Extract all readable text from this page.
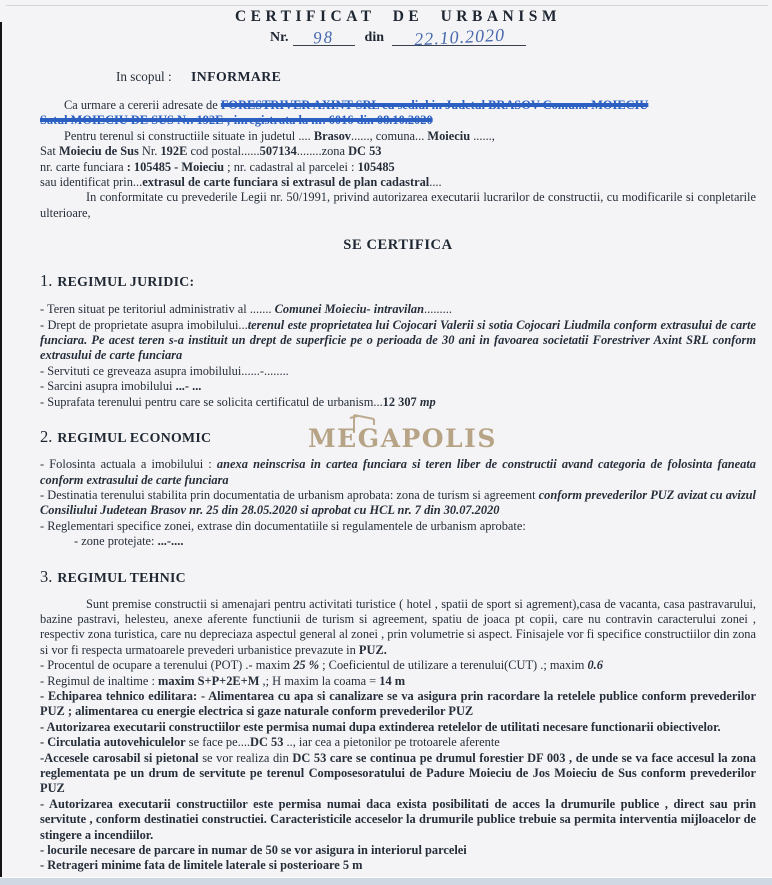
MEGAPOLIS
CERTIFICAT DE URBANISM
Nr. 98 din 22.10.2020
In scopul : INFORMARE
Ca urmare a cererii adresate de FORESTRIVER AXINT SRL cu sediul in Judetul BRASOV Comuna MOIECIU
Satul MOIECIU DE SUS Nr. 192E ; inregistrata la nr. 6016 din 08.10.2020
Pentru terenul si constructiile situate in judetul .... Brasov......, comuna... Moieciu ......,
Sat Moieciu de Sus Nr. 192E cod postal......507134........zona DC 53
nr. carte funciara : 105485 - Moieciu ; nr. cadastral al parcelei : 105485
sau identificat prin...extrasul de carte funciara si extrasul de plan cadastral....
In conformitate cu prevederile Legii nr. 50/1991, privind autorizarea executarii lucrarilor de constructii, cu modificarile si conpletarile ulterioare,
SE CERTIFICA
1. REGIMUL JURIDIC:
- Teren situat pe teritoriul administrativ al ....... Comunei Moieciu- intravilan.........
- Drept de proprietate asupra imobilului...terenul este proprietatea lui Cojocari Valerii si sotia Cojocari Liudmila conform extrasului de carte funciara. Pe acest teren s-a instituit un drept de superficie pe o perioada de 30 ani in favoarea societatii Forestriver Axint SRL conform extrasului de carte funciara
- Servituti ce greveaza asupra imobilului......-........
- Sarcini asupra imobilului ...- ...
- Suprafata terenului pentru care se solicita certificatul de urbanism...12 307 mp
2. REGIMUL ECONOMIC
- Folosinta actuala a imobilului : anexa neinscrisa in cartea funciara si teren liber de constructii avand categoria de folosinta faneata conform extrasului de carte funciara
- Destinatia terenului stabilita prin documentatia de urbanism aprobata: zona de turism si agreement conform prevederilor PUZ avizat cu avizul Consiliului Judetean Brasov nr. 25 din 28.05.2020 si aprobat cu HCL nr. 7 din 30.07.2020
- Reglementari specifice zonei, extrase din documentatiile si regulamentele de urbanism aprobate:
- zone protejate: ...-....
3. REGIMUL TEHNIC
Sunt premise constructii si amenajari pentru activitati turistice ( hotel , spatii de sport si agrement),casa de vacanta, casa pastravarului, bazine pastravi, helesteu, anexe aferente functiunii de turism si agreement, spatiu de joaca pt copii, care nu contravin caracterului zonei , respectiv zona turistica, care nu depreciaza aspectul general al zonei , prin volumetrie si aspect. Finisajele vor fi specifice constructiilor din zona si vor fi respecta urmatoarele prevederi urbanistice prevazute in PUZ.
- Procentul de ocupare a terenului (POT) .- maxim 25 % ; Coeficientul de utilizare a terenului(CUT) .; maxim 0.6
- Regimul de inaltime : maxim S+P+2E+M ,; H maxim la coama = 14 m
- Echiparea tehnico edilitara: - Alimentarea cu apa si canalizare se va asigura prin racordare la retelele publice conform prevederilor PUZ ; alimentarea cu energie electrica si gaze naturale conform prevederilor PUZ
- Autorizarea executarii constructiilor este permisa numai dupa extinderea retelelor de utilitati necesare functionarii obiectivelor.
- Circulatia autovehiculelor se face pe....DC 53 .., iar cea a pietonilor pe trotoarele aferente
-Accesele carosabil si pietonal se vor realiza din DC 53 care se continua pe drumul forestier DF 003 , de unde se va face accesul la zona reglementata pe un drum de servitute pe terenul Composesoratului de Padure Moieciu de Jos Moieciu de Sus conform prevederilor PUZ
- Autorizarea executarii constructiilor este permisa numai daca exista posibilitati de acces la drumurile publice , direct sau prin servitute , conform destinatiei constructiei. Caracteristicile acceselor la drumurile publice trebuie sa permita interventia mijloacelor de stingere a incendiilor.
- locurile necesare de parcare in numar de 50 se vor asigura in interiorul parcelei
- Retrageri minime fata de limitele laterale si posterioare 5 m
